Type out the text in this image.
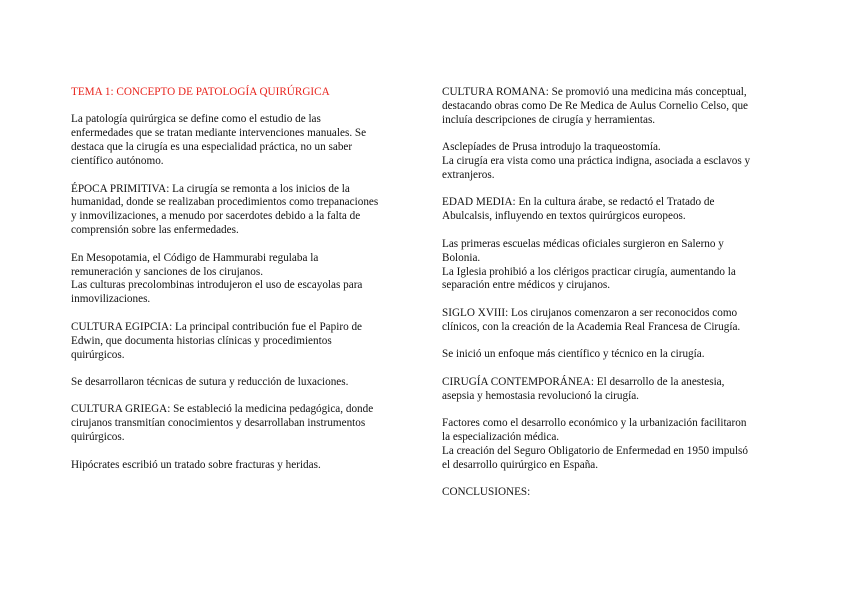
TEMA 1: CONCEPTO DE PATOLOGÍA QUIRÚRGICA

La patología quirúrgica se define como el estudio de las
enfermedades que se tratan mediante intervenciones manuales. Se
destaca que la cirugía es una especialidad práctica, no un saber
científico autónomo.

ÉPOCA PRIMITIVA: La cirugía se remonta a los inicios de la
humanidad, donde se realizaban procedimientos como trepanaciones
y inmovilizaciones, a menudo por sacerdotes debido a la falta de
comprensión sobre las enfermedades.

En Mesopotamia, el Código de Hammurabi regulaba la
remuneración y sanciones de los cirujanos.
Las culturas precolombinas introdujeron el uso de escayolas para
inmovilizaciones.

CULTURA EGIPCIA: La principal contribución fue el Papiro de
Edwin, que documenta historias clínicas y procedimientos
quirúrgicos.

Se desarrollaron técnicas de sutura y reducción de luxaciones.

CULTURA GRIEGA: Se estableció la medicina pedagógica, donde
cirujanos transmitían conocimientos y desarrollaban instrumentos
quirúrgicos.

Hipócrates escribió un tratado sobre fracturas y heridas.

CULTURA ROMANA: Se promovió una medicina más conceptual,
destacando obras como De Re Medica de Aulus Cornelio Celso, que
incluía descripciones de cirugía y herramientas.

Asclepíades de Prusa introdujo la traqueostomía.
La cirugía era vista como una práctica indigna, asociada a esclavos y
extranjeros.

EDAD MEDIA: En la cultura árabe, se redactó el Tratado de
Abulcalsis, influyendo en textos quirúrgicos europeos.

Las primeras escuelas médicas oficiales surgieron en Salerno y
Bolonia.
La Iglesia prohibió a los clérigos practicar cirugía, aumentando la
separación entre médicos y cirujanos.

SIGLO XVIII: Los cirujanos comenzaron a ser reconocidos como
clínicos, con la creación de la Academia Real Francesa de Cirugía.

Se inició un enfoque más científico y técnico en la cirugía.

CIRUGÍA CONTEMPORÁNEA: El desarrollo de la anestesia,
asepsia y hemostasia revolucionó la cirugía.

Factores como el desarrollo económico y la urbanización facilitaron
la especialización médica.
La creación del Seguro Obligatorio de Enfermedad en 1950 impulsó
el desarrollo quirúrgico en España.

CONCLUSIONES:
